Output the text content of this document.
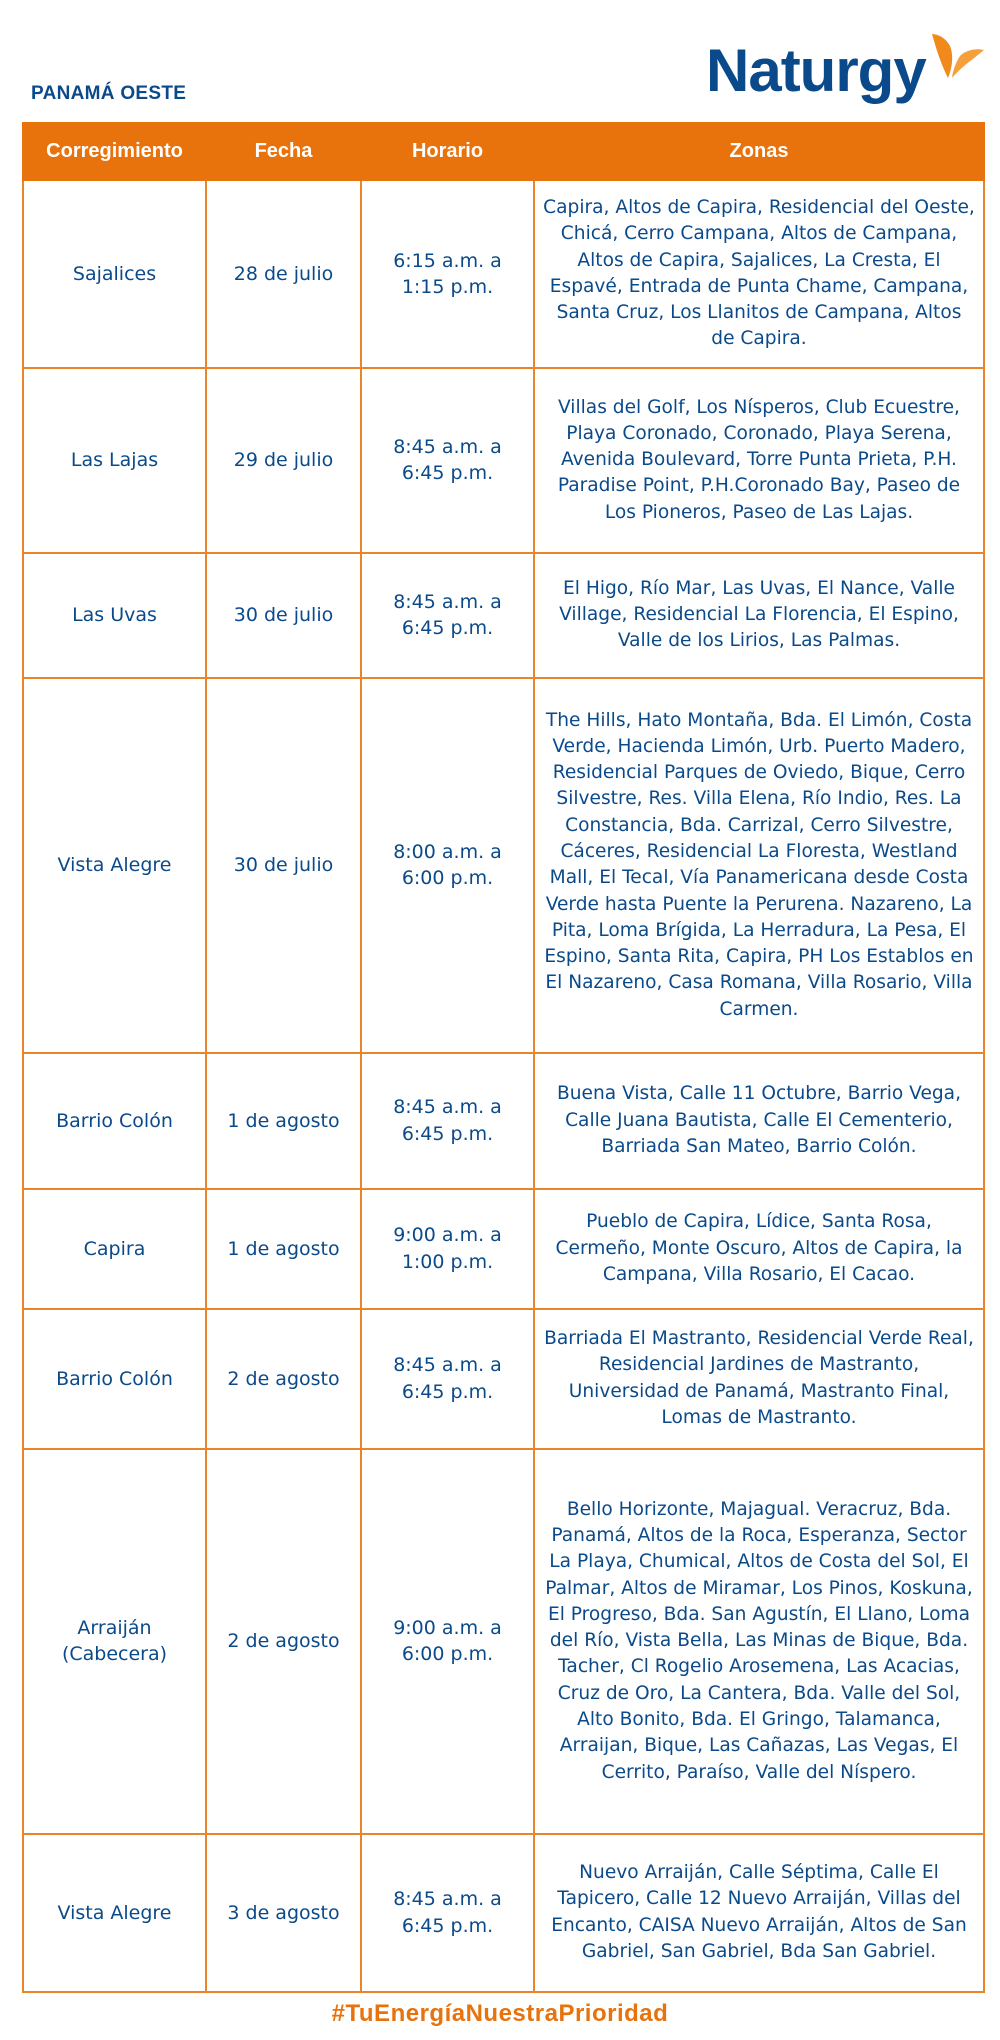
PANAMÁ OESTE	Naturgy
Corregimiento	Fecha	Horario	Zonas
Sajalices	28 de julio	6:15 a.m. a 1:15 p.m.	Capira, Altos de Capira, Residencial del Oeste, Chicá, Cerro Campana, Altos de Campana, Altos de Capira, Sajalices, La Cresta, El Espavé, Entrada de Punta Chame, Campana, Santa Cruz, Los Llanitos de Campana, Altos de Capira.
Las Lajas	29 de julio	8:45 a.m. a 6:45 p.m.	Villas del Golf, Los Nísperos, Club Ecuestre, Playa Coronado, Coronado, Playa Serena, Avenida Boulevard, Torre Punta Prieta, P.H. Paradise Point, P.H.Coronado Bay, Paseo de Los Pioneros, Paseo de Las Lajas.
Las Uvas	30 de julio	8:45 a.m. a 6:45 p.m.	El Higo, Río Mar, Las Uvas, El Nance, Valle Village, Residencial La Florencia, El Espino, Valle de los Lirios, Las Palmas.
Vista Alegre	30 de julio	8:00 a.m. a 6:00 p.m.	The Hills, Hato Montaña, Bda. El Limón, Costa Verde, Hacienda Limón, Urb. Puerto Madero, Residencial Parques de Oviedo, Bique, Cerro Silvestre, Res. Villa Elena, Río Indio, Res. La Constancia, Bda. Carrizal, Cerro Silvestre, Cáceres, Residencial La Floresta, Westland Mall, El Tecal, Vía Panamericana desde Costa Verde hasta Puente la Perurena. Nazareno, La Pita, Loma Brígida, La Herradura, La Pesa, El Espino, Santa Rita, Capira, PH Los Establos en El Nazareno, Casa Romana, Villa Rosario, Villa Carmen.
Barrio Colón	1 de agosto	8:45 a.m. a 6:45 p.m.	Buena Vista, Calle 11 Octubre, Barrio Vega, Calle Juana Bautista, Calle El Cementerio, Barriada San Mateo, Barrio Colón.
Capira	1 de agosto	9:00 a.m. a 1:00 p.m.	Pueblo de Capira, Lídice, Santa Rosa, Cermeño, Monte Oscuro, Altos de Capira, la Campana, Villa Rosario, El Cacao.
Barrio Colón	2 de agosto	8:45 a.m. a 6:45 p.m.	Barriada El Mastranto, Residencial Verde Real, Residencial Jardines de Mastranto, Universidad de Panamá, Mastranto Final, Lomas de Mastranto.
Arraiján (Cabecera)	2 de agosto	9:00 a.m. a 6:00 p.m.	Bello Horizonte, Majagual. Veracruz, Bda. Panamá, Altos de la Roca, Esperanza, Sector La Playa, Chumical, Altos de Costa del Sol, El Palmar, Altos de Miramar, Los Pinos, Koskuna, El Progreso, Bda. San Agustín, El Llano, Loma del Río, Vista Bella, Las Minas de Bique, Bda. Tacher, Cl Rogelio Arosemena, Las Acacias, Cruz de Oro, La Cantera, Bda. Valle del Sol, Alto Bonito, Bda. El Gringo, Talamanca, Arraijan, Bique, Las Cañazas, Las Vegas, El Cerrito, Paraíso, Valle del Níspero.
Vista Alegre	3 de agosto	8:45 a.m. a 6:45 p.m.	Nuevo Arraiján, Calle Séptima, Calle El Tapicero, Calle 12 Nuevo Arraiján, Villas del Encanto, CAISA Nuevo Arraiján, Altos de San Gabriel, San Gabriel, Bda San Gabriel.
#TuEnergíaNuestraPrioridad
